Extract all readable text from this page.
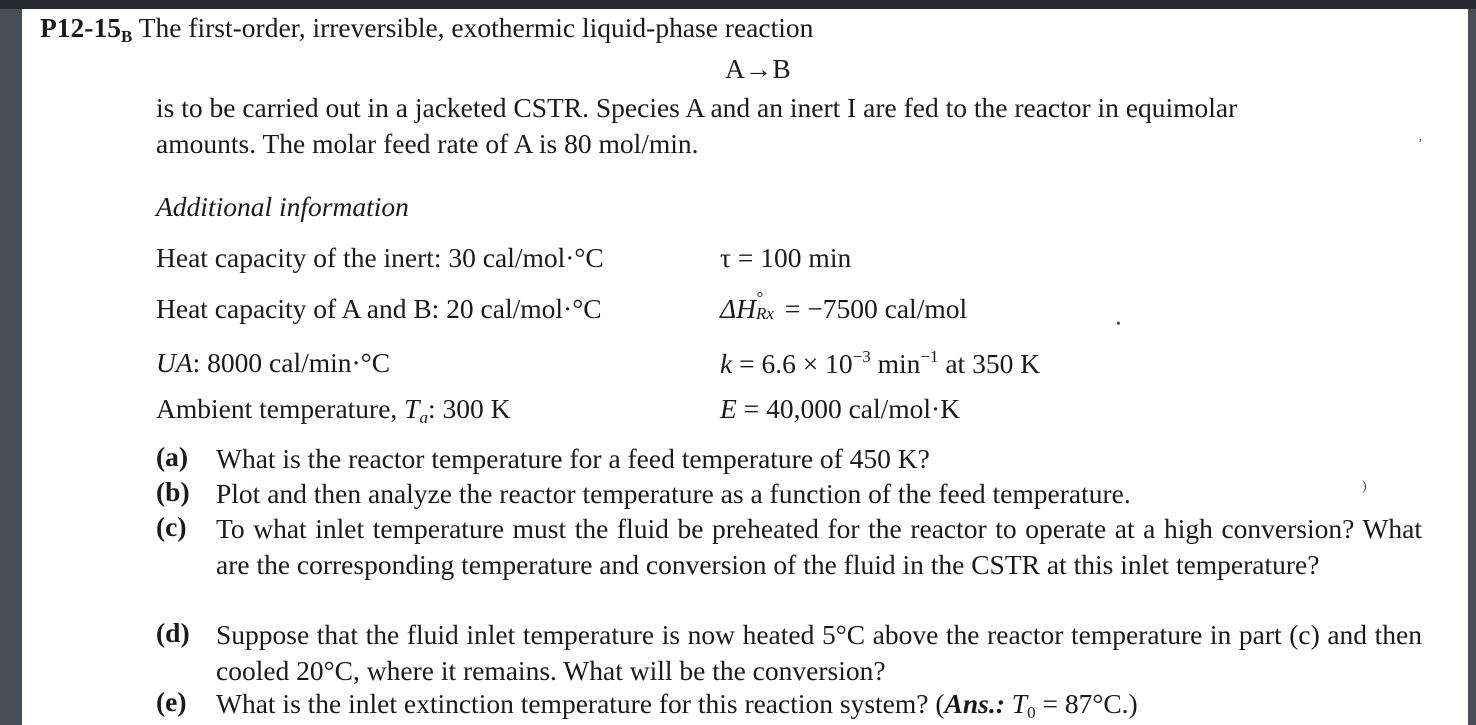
$P12-15_B$ The first-order, irreversible, exothermic liquid-phase reaction
A→B
is to be carried out in a jacketed CSTR. Species A and an inert I are fed to the reactor in equimolar
amounts. The molar feed rate of A is 80 mol/min.
Additional information
Heat capacity of the inert: 30 cal/mol·°C
Heat capacity of A and B: 20 cal/mol·°C
UA: 8000 cal/min·°C
Ambient temperature, Ta: 300 K
τ = 100 min
ΔH °
Rx = −7500 cal/mol
$k = 6.6 \times 10^{-3}$ $\min^{-1}$ at 350 K
E = 40,000 cal/mol·K
(a) What is the reactor temperature for a feed temperature of 450 K?
(b) Plot and then analyze the reactor temperature as a function of the feed temperature.
(c) To what inlet temperature must the fluid be preheated for the reactor to operate at a high conversion? What are the corresponding temperature and conversion of the fluid in the CSTR at this inlet temperature?
(d) Suppose that the fluid inlet temperature is now heated 5°C above the reactor temperature in part (c) and then cooled 20°C, where it remains. What will be the conversion?
(e) What is the inlet extinction temperature for this reaction system? (Ans.: T0 = 87°C.)
’
•
)
